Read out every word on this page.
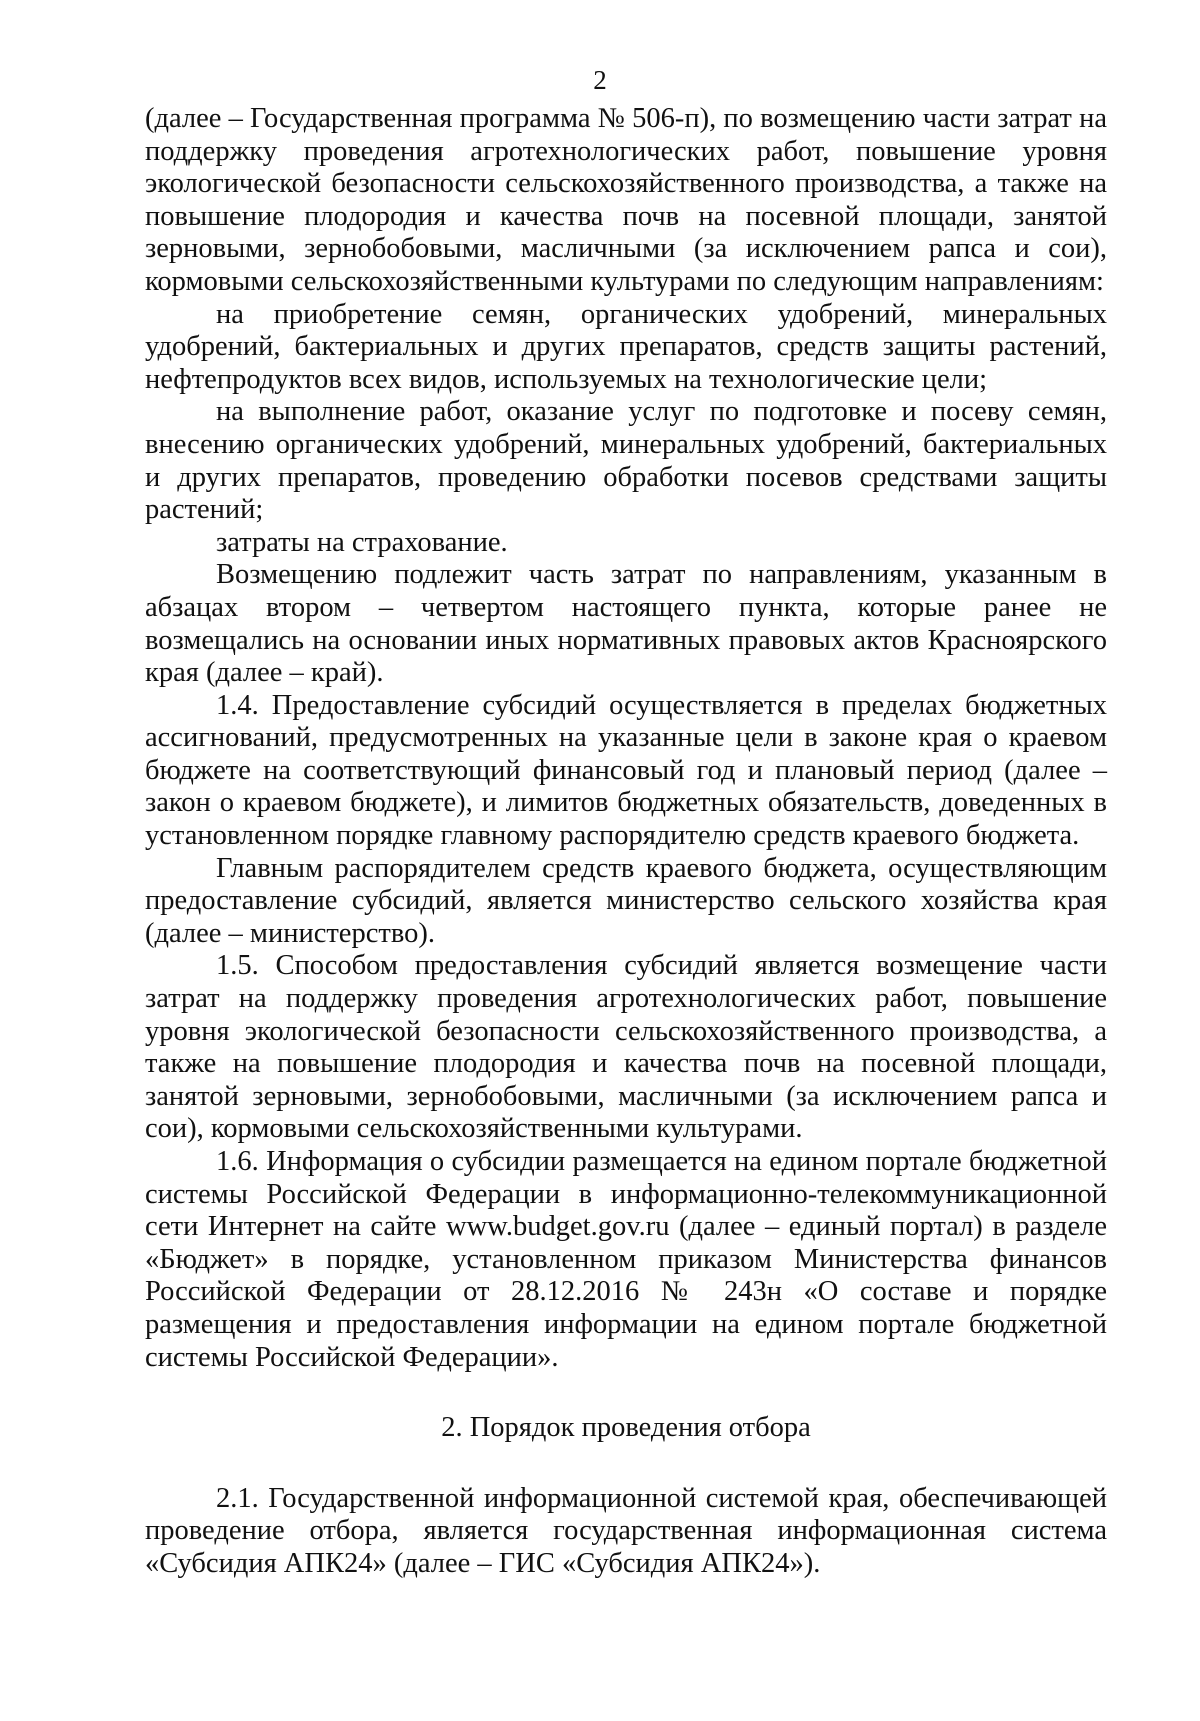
2

(далее – Государственная программа № 506-п), по возмещению части затрат на поддержку проведения агротехнологических работ, повышение уровня экологической безопасности сельскохозяйственного производства, а также на повышение плодородия и качества почв на посевной площади, занятой зерновыми, зернобобовыми, масличными (за исключением рапса и сои), кормовыми сельскохозяйственными культурами по следующим направлениям:

на приобретение семян, органических удобрений, минеральных удобрений, бактериальных и других препаратов, средств защиты растений, нефтепродуктов всех видов, используемых на технологические цели;

на выполнение работ, оказание услуг по подготовке и посеву семян, внесению органических удобрений, минеральных удобрений, бактериальных и других препаратов, проведению обработки посевов средствами защиты растений;

затраты на страхование.

Возмещению подлежит часть затрат по направлениям, указанным в абзацах втором – четвертом настоящего пункта, которые ранее не возмещались на основании иных нормативных правовых актов Красноярского края (далее – край).

1.4. Предоставление субсидий осуществляется в пределах бюджетных ассигнований, предусмотренных на указанные цели в законе края о краевом бюджете на соответствующий финансовый год и плановый период (далее – закон о краевом бюджете), и лимитов бюджетных обязательств, доведенных в установленном порядке главному распорядителю средств краевого бюджета.

Главным распорядителем средств краевого бюджета, осуществляющим предоставление субсидий, является министерство сельского хозяйства края (далее – министерство).

1.5. Способом предоставления субсидий является возмещение части затрат на поддержку проведения агротехнологических работ, повышение уровня экологической безопасности сельскохозяйственного производства, а также на повышение плодородия и качества почв на посевной площади, занятой зерновыми, зернобобовыми, масличными (за исключением рапса и сои), кормовыми сельскохозяйственными культурами.

1.6. Информация о субсидии размещается на едином портале бюджетной системы Российской Федерации в информационно-телекоммуникационной сети Интернет на сайте www.budget.gov.ru (далее – единый портал) в разделе «Бюджет» в порядке, установленном приказом Министерства финансов Российской Федерации от 28.12.2016 № 243н «О составе и порядке размещения и предоставления информации на едином портале бюджетной системы Российской Федерации».

2. Порядок проведения отбора

2.1. Государственной информационной системой края, обеспечивающей проведение отбора, является государственная информационная система «Субсидия АПК24» (далее – ГИС «Субсидия АПК24»).
